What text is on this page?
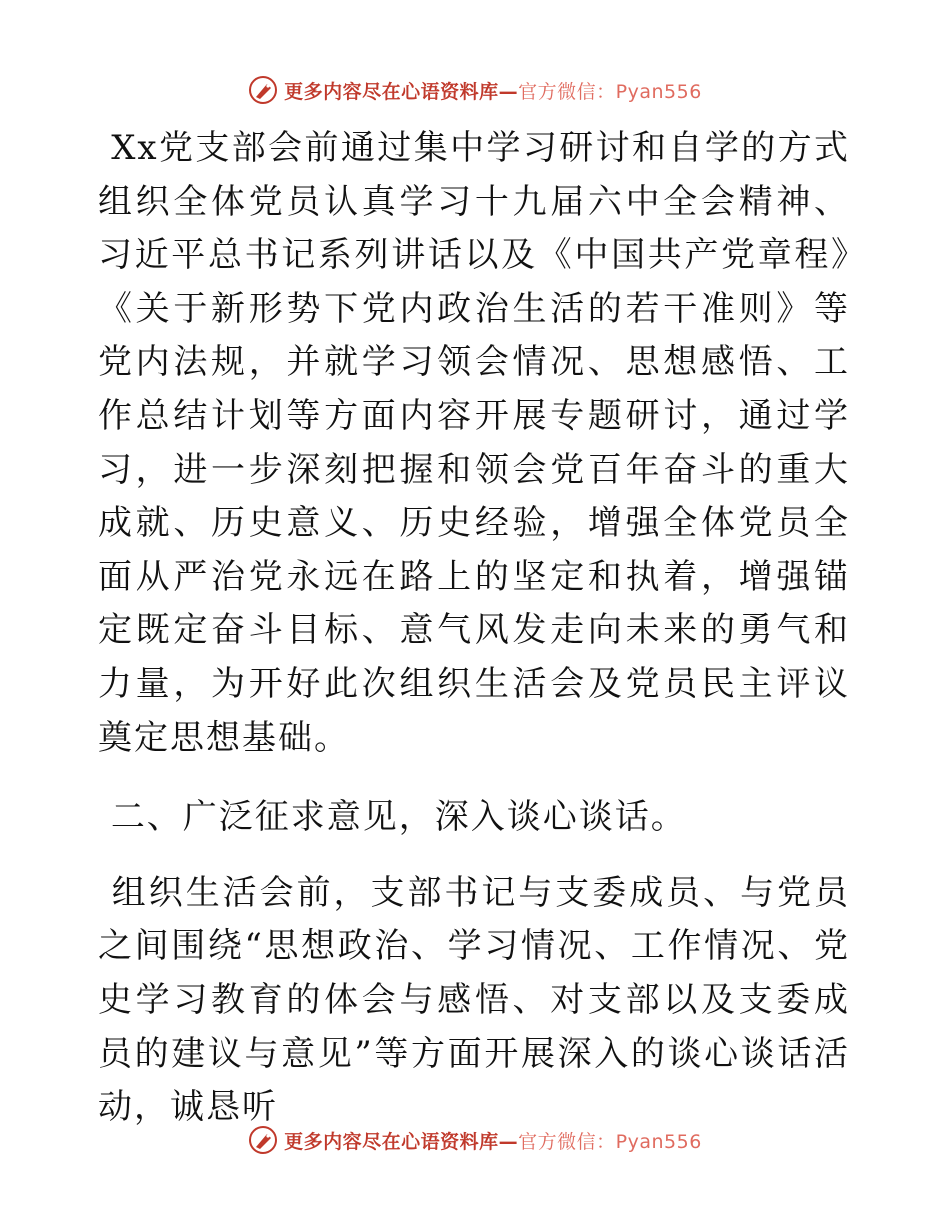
更多内容尽在心语资料库—官方微信：Pyan556

Xx党支部会前通过集中学习研讨和自学的方式组织全体党员认真学习十九届六中全会精神、习近平总书记系列讲话以及《中国共产党章程》《关于新形势下党内政治生活的若干准则》等党内法规，并就学习领会情况、思想感悟、工作总结计划等方面内容开展专题研讨，通过学习，进一步深刻把握和领会党百年奋斗的重大成就、历史意义、历史经验，增强全体党员全面从严治党永远在路上的坚定和执着，增强锚定既定奋斗目标、意气风发走向未来的勇气和力量，为开好此次组织生活会及党员民主评议奠定思想基础。

二、广泛征求意见，深入谈心谈话。

组织生活会前，支部书记与支委成员、与党员之间围绕“思想政治、学习情况、工作情况、党史学习教育的体会与感悟、对支部以及支委成员的建议与意见”等方面开展深入的谈心谈话活动，诚恳听

更多内容尽在心语资料库—官方微信：Pyan556
